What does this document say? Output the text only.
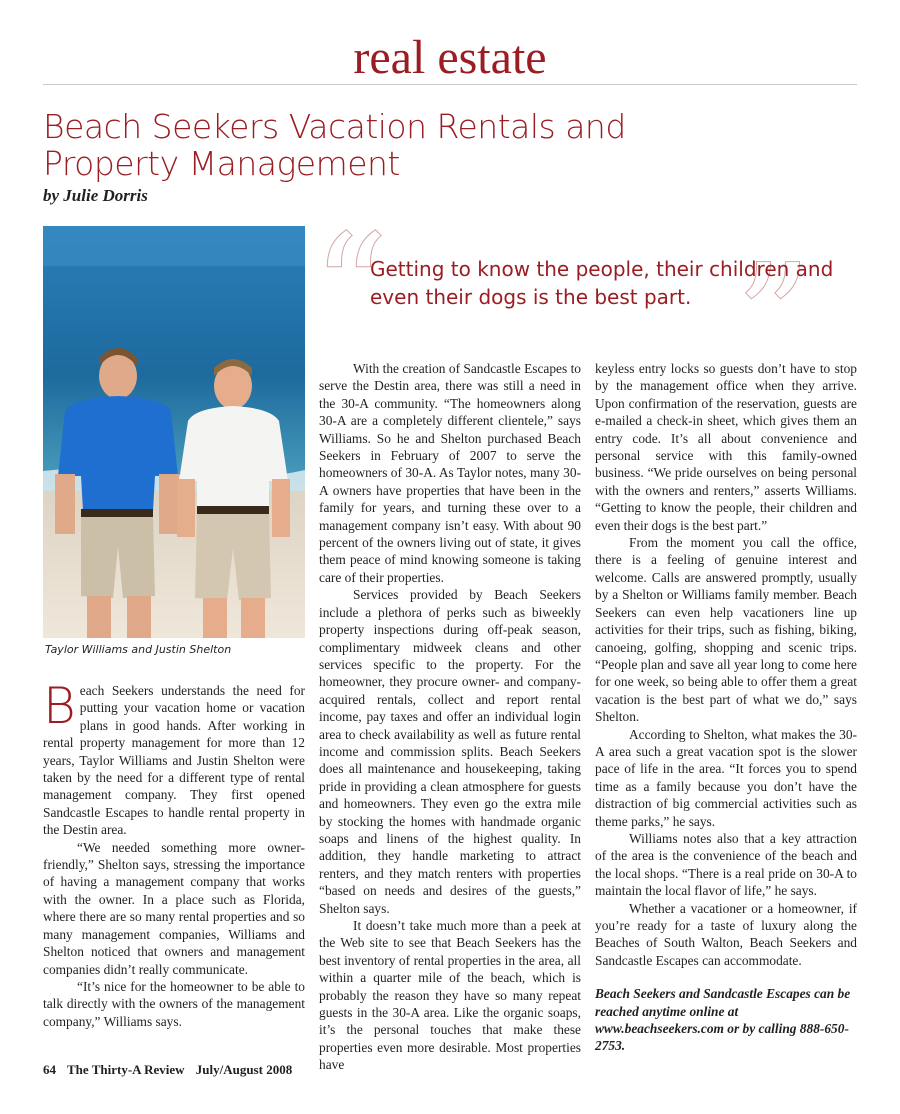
real estate
Beach Seekers Vacation Rentals and Property Management
by Julie Dorris
Taylor Williams and Justin Shelton
“ ”
Getting to know the people, their children and even their dogs is the best part.

Beach Seekers understands the need for putting your vacation home or vacation plans in good hands. After working in rental property management for more than 12 years, Taylor Williams and Justin Shelton were taken by the need for a different type of rental management company. They first opened Sandcastle Escapes to handle rental property in the Destin area.

“We needed something more owner-friendly,” Shelton says, stressing the importance of having a management company that works with the owner. In a place such as Florida, where there are so many rental properties and so many management companies, Williams and Shelton noticed that owners and management companies didn’t really communicate.

“It’s nice for the homeowner to be able to talk directly with the owners of the management company,” Williams says.

With the creation of Sandcastle Escapes to serve the Destin area, there was still a need in the 30-A community. “The homeowners along 30-A are a completely different clientele,” says Williams. So he and Shelton purchased Beach Seekers in February of 2007 to serve the homeowners of 30-A. As Taylor notes, many 30-A owners have properties that have been in the family for years, and turning these over to a management company isn’t easy. With about 90 percent of the owners living out of state, it gives them peace of mind knowing someone is taking care of their properties.

Services provided by Beach Seekers include a plethora of perks such as biweekly property inspections during off-peak season, complimentary midweek cleans and other services specific to the property. For the homeowner, they procure owner- and company-acquired rentals, collect and report rental income, pay taxes and offer an individual login area to check availability as well as future rental income and commission splits. Beach Seekers does all maintenance and housekeeping, taking pride in providing a clean atmosphere for guests and homeowners. They even go the extra mile by stocking the homes with handmade organic soaps and linens of the highest quality. In addition, they handle marketing to attract renters, and they match renters with properties “based on needs and desires of the guests,” Shelton says.

It doesn’t take much more than a peek at the Web site to see that Beach Seekers has the best inventory of rental properties in the area, all within a quarter mile of the beach, which is probably the reason they have so many repeat guests in the 30-A area. Like the organic soaps, it’s the personal touches that make these properties even more desirable. Most properties have

keyless entry locks so guests don’t have to stop by the management office when they arrive. Upon confirmation of the reservation, guests are e-mailed a check-in sheet, which gives them an entry code. It’s all about convenience and personal service with this family-owned business. “We pride ourselves on being personal with the owners and renters,” asserts Williams. “Getting to know the people, their children and even their dogs is the best part.”

From the moment you call the office, there is a feeling of genuine interest and welcome. Calls are answered promptly, usually by a Shelton or Williams family member. Beach Seekers can even help vacationers line up activities for their trips, such as fishing, biking, canoeing, golfing, shopping and scenic trips. “People plan and save all year long to come here for one week, so being able to offer them a great vacation is the best part of what we do,” says Shelton.

According to Shelton, what makes the 30-A area such a great vacation spot is the slower pace of life in the area. “It forces you to spend time as a family because you don’t have the distraction of big commercial activities such as theme parks,” he says.

Williams notes also that a key attraction of the area is the convenience of the beach and the local shops. “There is a real pride on 30-A to maintain the local flavor of life,” he says.

Whether a vacationer or a homeowner, if you’re ready for a taste of luxury along the Beaches of South Walton, Beach Seekers and Sandcastle Escapes can accommodate.

Beach Seekers and Sandcastle Escapes can be reached anytime online at www.beachseekers.com or by calling 888-650-2753.

64 The Thirty-A Review July/August 2008
